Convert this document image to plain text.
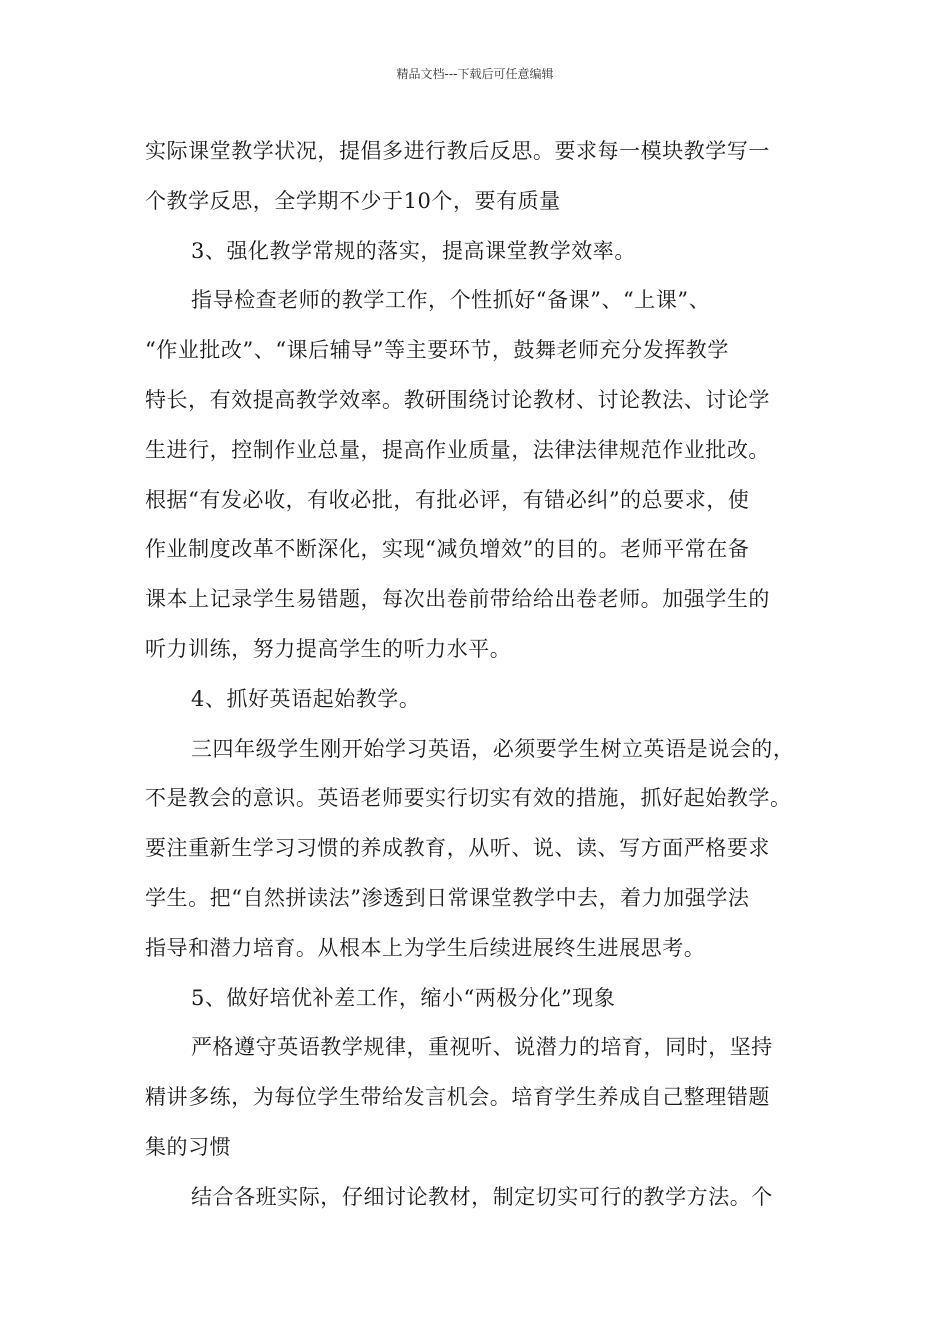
精品文档---下载后可任意编辑
实际课堂教学状况，提倡多进行教后反思。要求每一模块教学写一
个教学反思，全学期不少于10个，要有质量
3、强化教学常规的落实，提高课堂教学效率。
指导检查老师的教学工作，个性抓好“备课”、“上课”、
“作业批改”、“课后辅导”等主要环节，鼓舞老师充分发挥教学
特长，有效提高教学效率。教研围绕讨论教材、讨论教法、讨论学
生进行，控制作业总量，提高作业质量，法律法律规范作业批改。
根据“有发必收，有收必批，有批必评，有错必纠”的总要求，使
作业制度改革不断深化，实现“减负增效”的目的。老师平常在备
课本上记录学生易错题，每次出卷前带给给出卷老师。加强学生的
听力训练，努力提高学生的听力水平。
4、抓好英语起始教学。
三四年级学生刚开始学习英语，必须要学生树立英语是说会的，
不是教会的意识。英语老师要实行切实有效的措施，抓好起始教学。
要注重新生学习习惯的养成教育，从听、说、读、写方面严格要求
学生。把“自然拼读法”渗透到日常课堂教学中去，着力加强学法
指导和潜力培育。从根本上为学生后续进展终生进展思考。
5、做好培优补差工作，缩小“两极分化”现象
严格遵守英语教学规律，重视听、说潜力的培育，同时，坚持
精讲多练，为每位学生带给发言机会。培育学生养成自己整理错题
集的习惯
结合各班实际，仔细讨论教材，制定切实可行的教学方法。个
